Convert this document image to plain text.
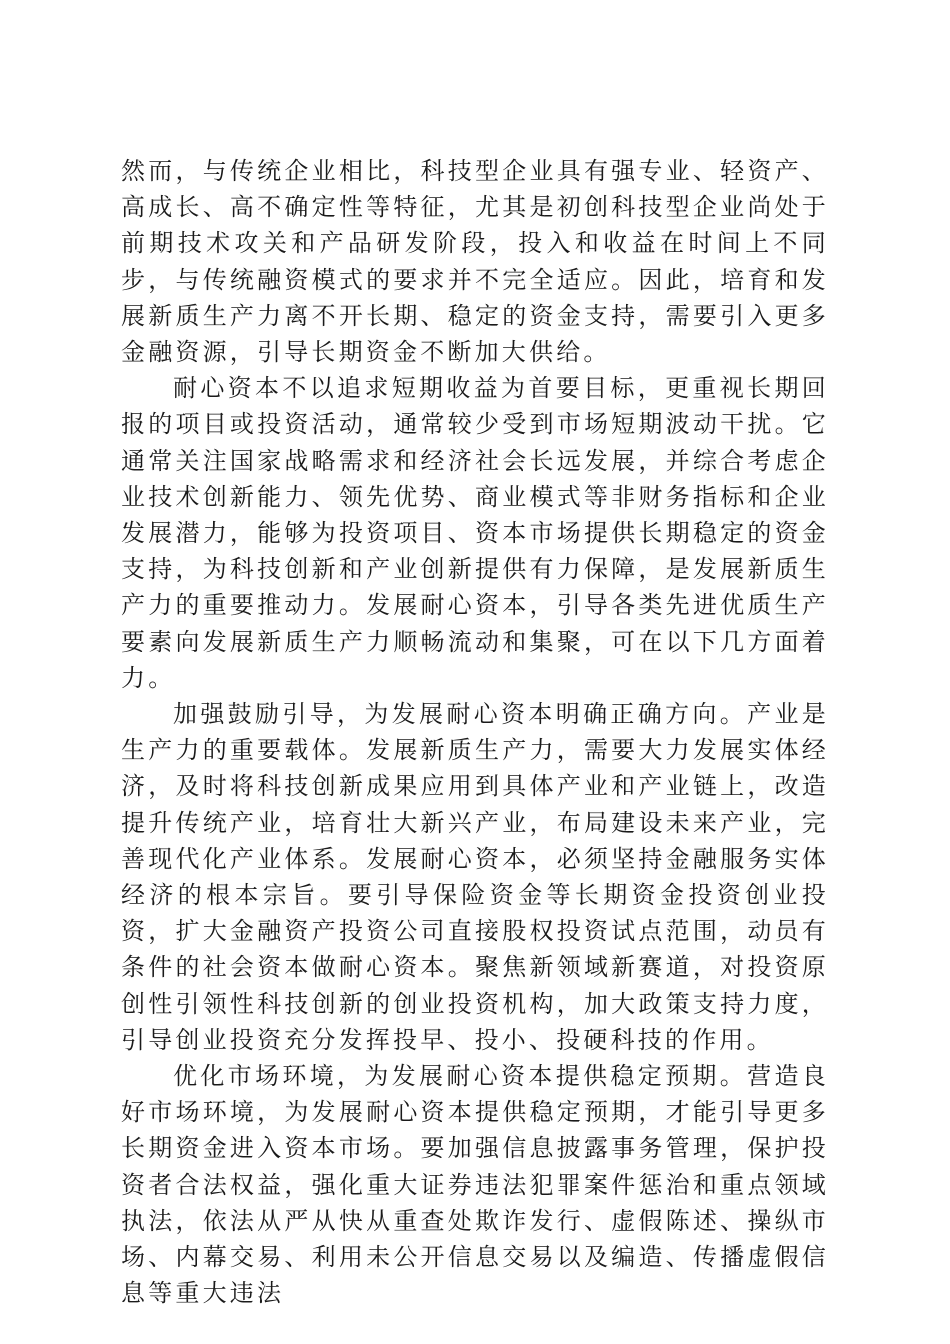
然而，与传统企业相比，科技型企业具有强专业、轻资产、高成长、高不确定性等特征，尤其是初创科技型企业尚处于前期技术攻关和产品研发阶段，投入和收益在时间上不同步，与传统融资模式的要求并不完全适应。因此，培育和发展新质生产力离不开长期、稳定的资金支持，需要引入更多金融资源，引导长期资金不断加大供给。

耐心资本不以追求短期收益为首要目标，更重视长期回报的项目或投资活动，通常较少受到市场短期波动干扰。它通常关注国家战略需求和经济社会长远发展，并综合考虑企业技术创新能力、领先优势、商业模式等非财务指标和企业发展潜力，能够为投资项目、资本市场提供长期稳定的资金支持，为科技创新和产业创新提供有力保障，是发展新质生产力的重要推动力。发展耐心资本，引导各类先进优质生产要素向发展新质生产力顺畅流动和集聚，可在以下几方面着力。

加强鼓励引导，为发展耐心资本明确正确方向。产业是生产力的重要载体。发展新质生产力，需要大力发展实体经济，及时将科技创新成果应用到具体产业和产业链上，改造提升传统产业，培育壮大新兴产业，布局建设未来产业，完善现代化产业体系。发展耐心资本，必须坚持金融服务实体经济的根本宗旨。要引导保险资金等长期资金投资创业投资，扩大金融资产投资公司直接股权投资试点范围，动员有条件的社会资本做耐心资本。聚焦新领域新赛道，对投资原创性引领性科技创新的创业投资机构，加大政策支持力度，引导创业投资充分发挥投早、投小、投硬科技的作用。

优化市场环境，为发展耐心资本提供稳定预期。营造良好市场环境，为发展耐心资本提供稳定预期，才能引导更多长期资金进入资本市场。要加强信息披露事务管理，保护投资者合法权益，强化重大证券违法犯罪案件惩治和重点领域执法，依法从严从快从重查处欺诈发行、虚假陈述、操纵市场、内幕交易、利用未公开信息交易以及编造、传播虚假信息等重大违法
